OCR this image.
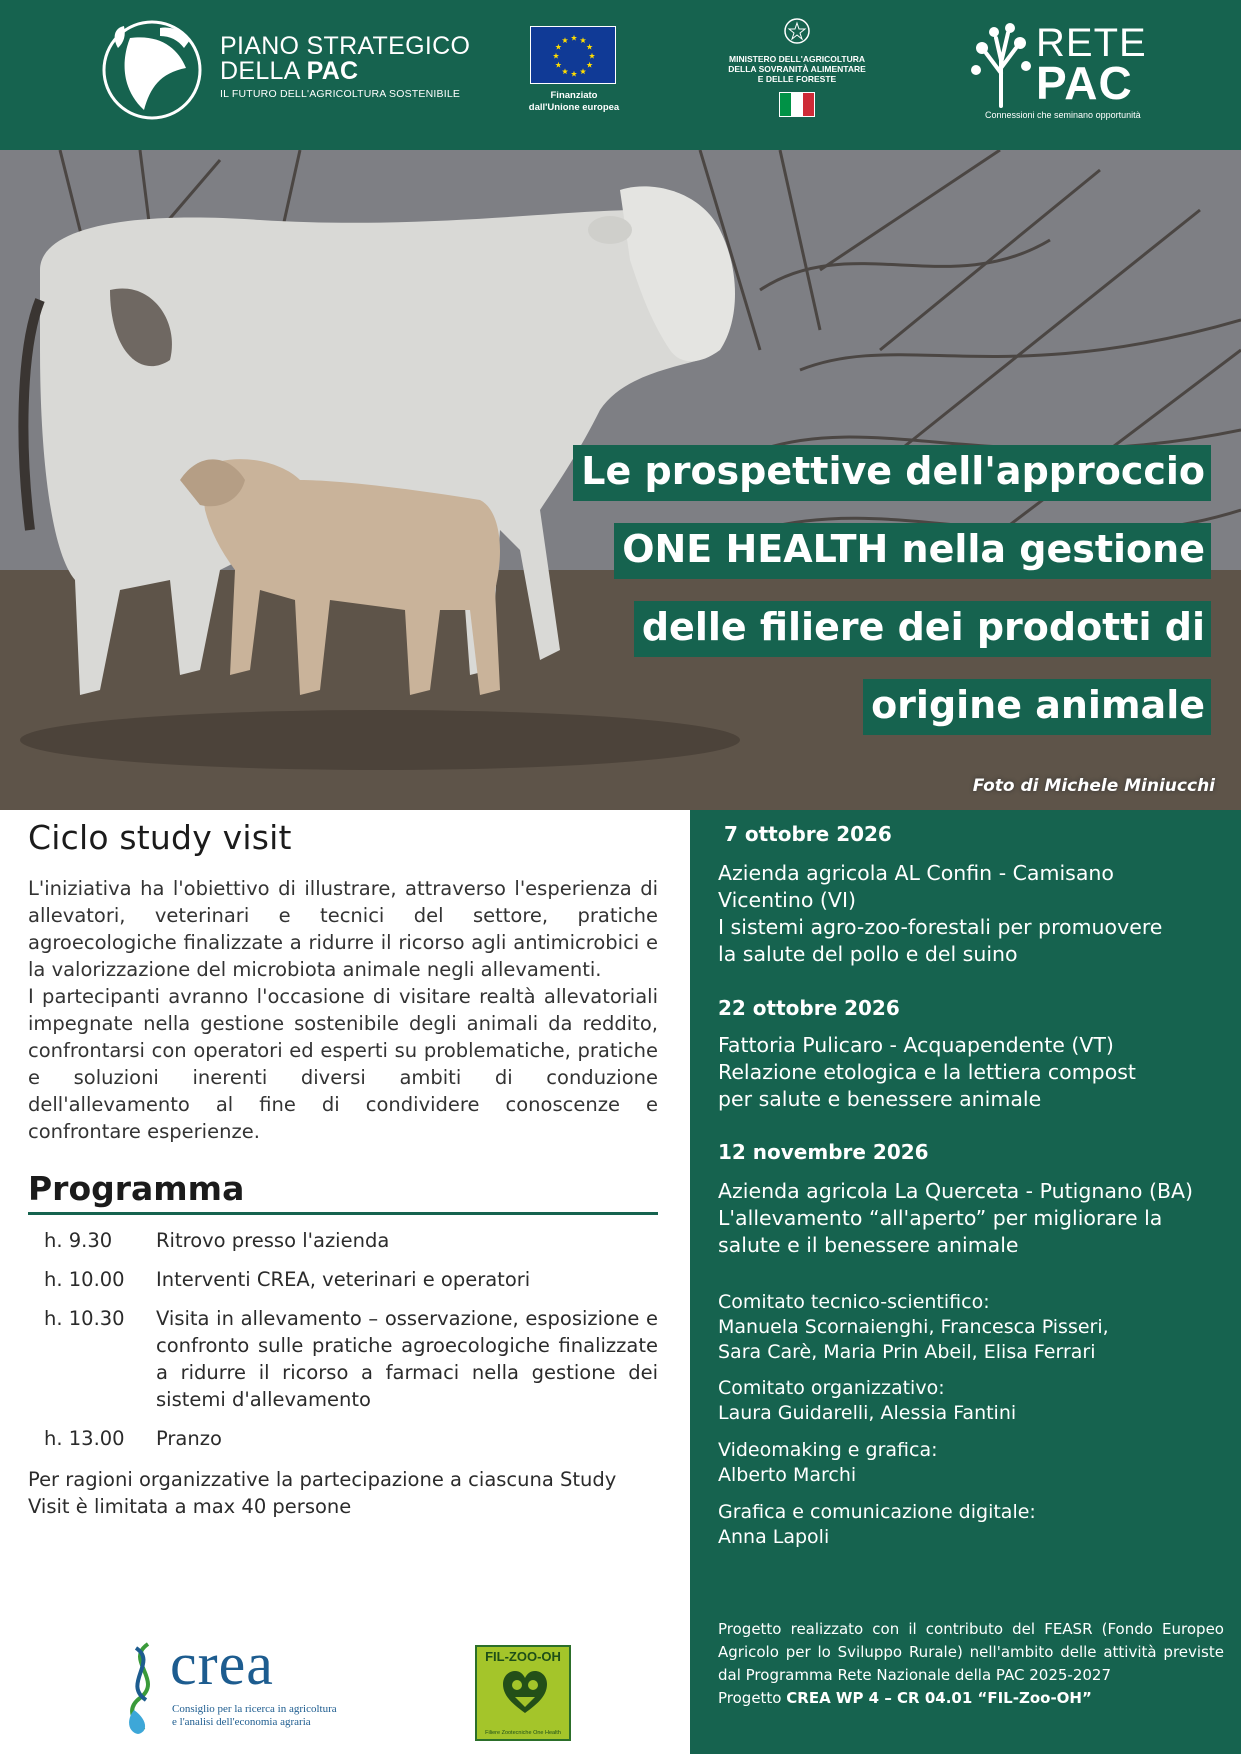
PIANO STRATEGICO
DELLA PAC
IL FUTURO DELL'AGRICOLTURA SOSTENIBILE	Finanziato
dall'Unione europea
MINISTERO DELL'AGRICOLTURA
DELLA SOVRANITÀ ALIMENTARE
E DELLE FORESTE
RETE
PAC
Connessioni che seminano opportunità
Le prospettive dell'approccio
ONE HEALTH nella gestione
delle filiere dei prodotti di
origine animale
Foto di Michele Miniucchi
Ciclo study visit

L'iniziativa ha l'obiettivo di illustrare, attraverso l'esperienza di allevatori, veterinari e tecnici del settore, pratiche agroecologiche finalizzate a ridurre il ricorso agli antimicrobici e la valorizzazione del microbiota animale negli allevamenti.

I partecipanti avranno l'occasione di visitare realtà allevatoriali impegnate nella gestione sostenibile degli animali da reddito, confrontarsi con operatori ed esperti su problematiche, pratiche e soluzioni inerenti diversi ambiti di conduzione dell'allevamento al fine di condividere conoscenze e confrontare esperienze.

Programma
h. 9.30	Ritrovo presso l'azienda
h. 10.00	Interventi CREA, veterinari e operatori
h. 10.30	Visita in allevamento – osservazione, esposizione e confronto sulle pratiche agroecologiche finalizzate a ridurre il ricorso a farmaci nella gestione dei sistemi d'allevamento
h. 13.00	Pranzo

Per ragioni organizzative la partecipazione a ciascuna Study Visit è limitata a max 40 persone

crea
Consiglio per la ricerca in agricoltura
e l'analisi dell'economia agraria
FIL-ZOO-OH
Filiere Zootecniche One Health
7 ottobre 2026
Azienda agricola AL Confin - Camisano
Vicentino (VI)
I sistemi agro-zoo-forestali per promuovere
la salute del pollo e del suino
22 ottobre 2026
Fattoria Pulicaro - Acquapendente (VT)
Relazione etologica e la lettiera compost
per salute e benessere animale
12 novembre 2026
Azienda agricola La Querceta - Putignano (BA)
L'allevamento “all'aperto” per migliorare la
salute e il benessere animale
Comitato tecnico-scientifico:
Manuela Scornaienghi, Francesca Pisseri,
Sara Carè, Maria Prin Abeil, Elisa Ferrari
Comitato organizzativo:
Laura Guidarelli, Alessia Fantini
Videomaking e grafica:
Alberto Marchi
Grafica e comunicazione digitale:
Anna Lapoli
Progetto realizzato con il contributo del FEASR (Fondo Europeo Agricolo per lo Sviluppo Rurale) nell'ambito delle attività previste dal Programma Rete Nazionale della PAC 2025-2027
Progetto CREA WP 4 – CR 04.01 “FIL-Zoo-OH”
